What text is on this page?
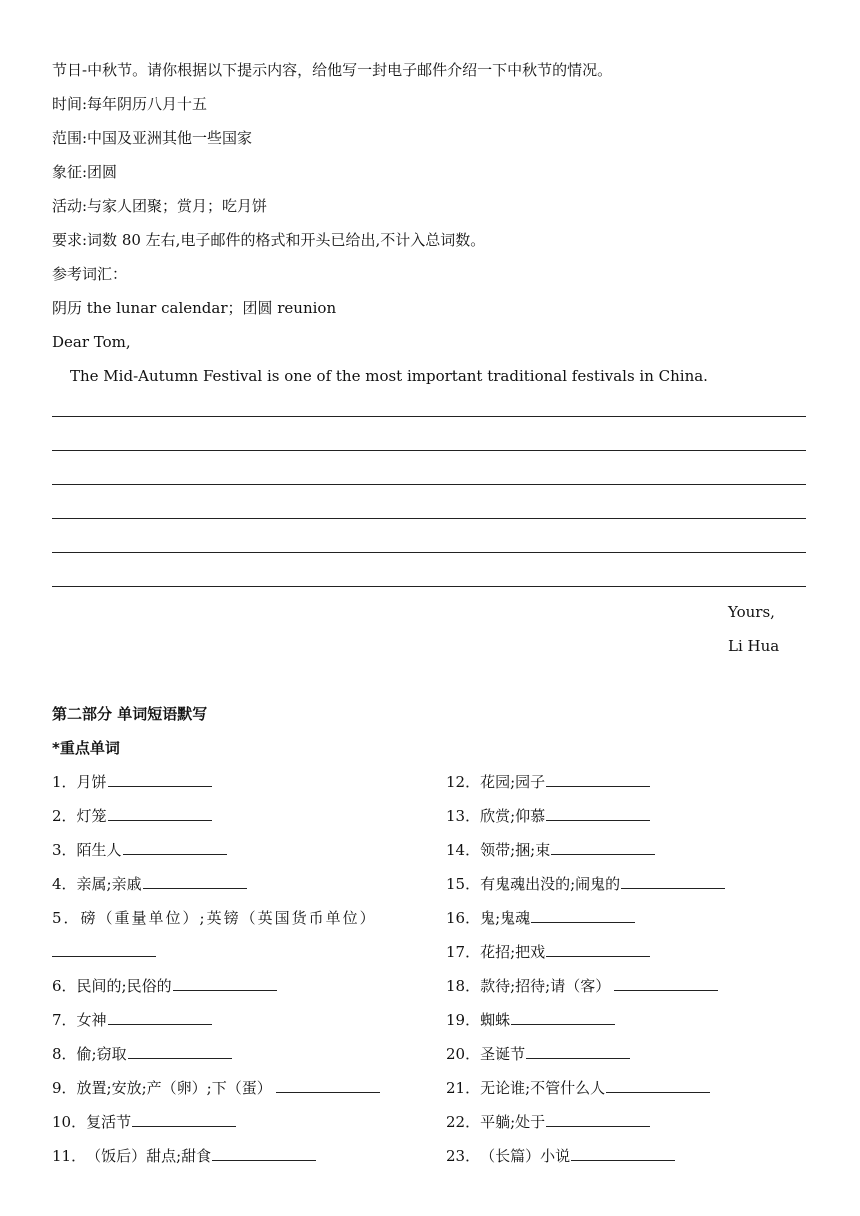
节日-中秋节。请你根据以下提示内容，给他写一封电子邮件介绍一下中秋节的情况。
时间:每年阴历八月十五
范围:中国及亚洲其他一些国家
象征:团圆
活动:与家人团聚；赏月；吃月饼
要求:词数 80 左右,电子邮件的格式和开头已给出,不计入总词数。
参考词汇：
阴历 the lunar calendar；团圆 reunion
Dear Tom,
The Mid-Autumn Festival is one of the most important traditional festivals in China.
Yours,
Li Hua
第二部分 单词短语默写
*重点单词
1．月饼
2．灯笼
3．陌生人
4．亲属;亲戚
5．磅（重量单位）;英镑（英国货币单位）
6．民间的;民俗的
7．女神
8．偷;窃取
9．放置;安放;产（卵）;下（蛋）
10．复活节
11．（饭后）甜点;甜食
12．花园;园子
13．欣赏;仰慕
14．领带;捆;束
15．有鬼魂出没的;闹鬼的
16．鬼;鬼魂
17．花招;把戏
18．款待;招待;请（客）
19．蜘蛛
20．圣诞节
21．无论谁;不管什么人
22．平躺;处于
23．（长篇）小说
